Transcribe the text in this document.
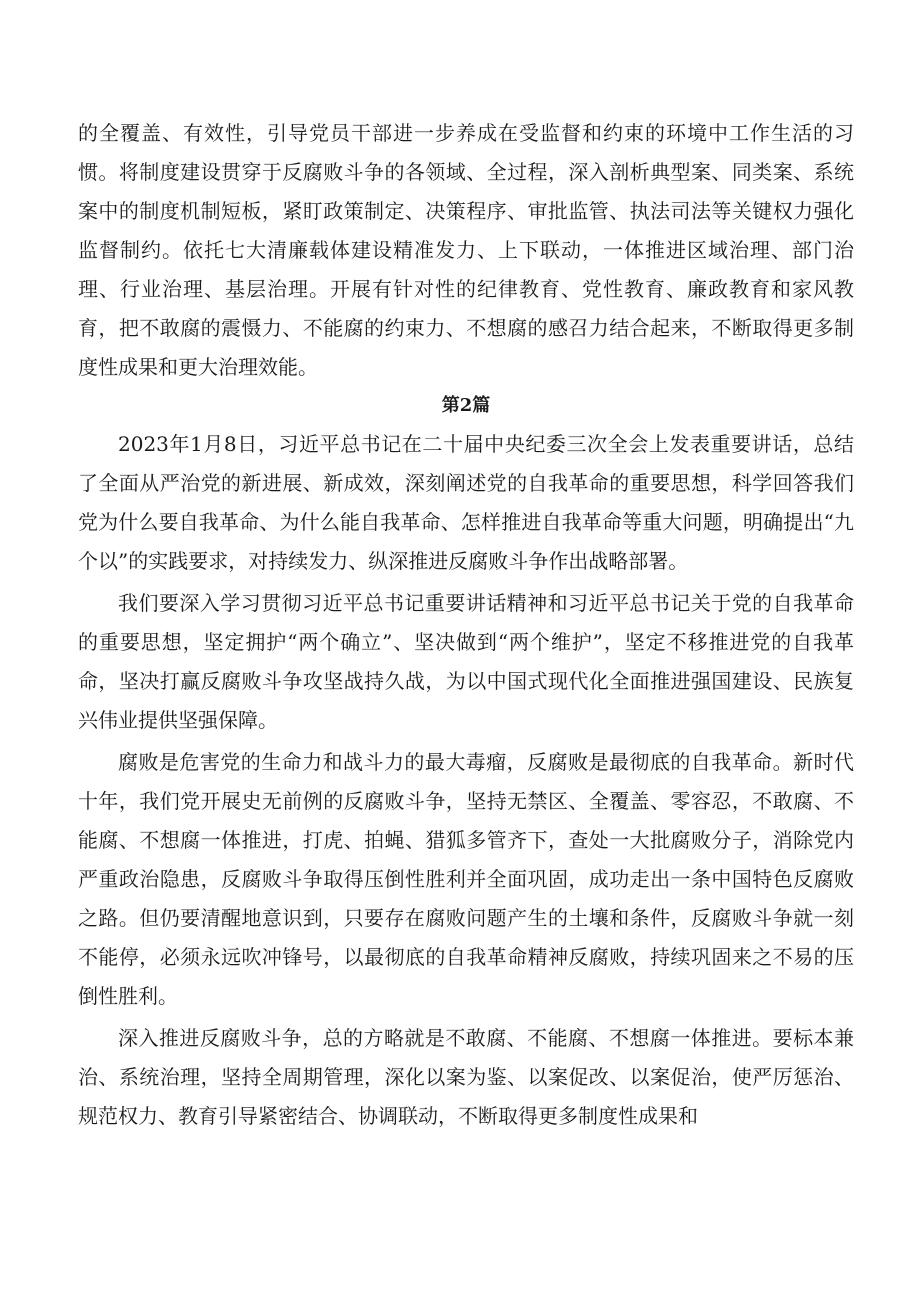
的全覆盖、有效性，引导党员干部进一步养成在受监督和约束的环境中工作生活的习惯。将制度建设贯穿于反腐败斗争的各领域、全过程，深入剖析典型案、同类案、系统案中的制度机制短板，紧盯政策制定、决策程序、审批监管、执法司法等关键权力强化监督制约。依托七大清廉载体建设精准发力、上下联动，一体推进区域治理、部门治理、行业治理、基层治理。开展有针对性的纪律教育、党性教育、廉政教育和家风教育，把不敢腐的震慑力、不能腐的约束力、不想腐的感召力结合起来，不断取得更多制度性成果和更大治理效能。

第2篇

2023年1月8日，习近平总书记在二十届中央纪委三次全会上发表重要讲话，总结了全面从严治党的新进展、新成效，深刻阐述党的自我革命的重要思想，科学回答我们党为什么要自我革命、为什么能自我革命、怎样推进自我革命等重大问题，明确提出“九个以”的实践要求，对持续发力、纵深推进反腐败斗争作出战略部署。

我们要深入学习贯彻习近平总书记重要讲话精神和习近平总书记关于党的自我革命的重要思想，坚定拥护“两个确立”、坚决做到“两个维护”，坚定不移推进党的自我革命，坚决打赢反腐败斗争攻坚战持久战，为以中国式现代化全面推进强国建设、民族复兴伟业提供坚强保障。

腐败是危害党的生命力和战斗力的最大毒瘤，反腐败是最彻底的自我革命。新时代十年，我们党开展史无前例的反腐败斗争，坚持无禁区、全覆盖、零容忍，不敢腐、不能腐、不想腐一体推进，打虎、拍蝇、猎狐多管齐下，查处一大批腐败分子，消除党内严重政治隐患，反腐败斗争取得压倒性胜利并全面巩固，成功走出一条中国特色反腐败之路。但仍要清醒地意识到，只要存在腐败问题产生的土壤和条件，反腐败斗争就一刻不能停，必须永远吹冲锋号，以最彻底的自我革命精神反腐败，持续巩固来之不易的压倒性胜利。

深入推进反腐败斗争，总的方略就是不敢腐、不能腐、不想腐一体推进。要标本兼治、系统治理，坚持全周期管理，深化以案为鉴、以案促改、以案促治，使严厉惩治、规范权力、教育引导紧密结合、协调联动，不断取得更多制度性成果和
